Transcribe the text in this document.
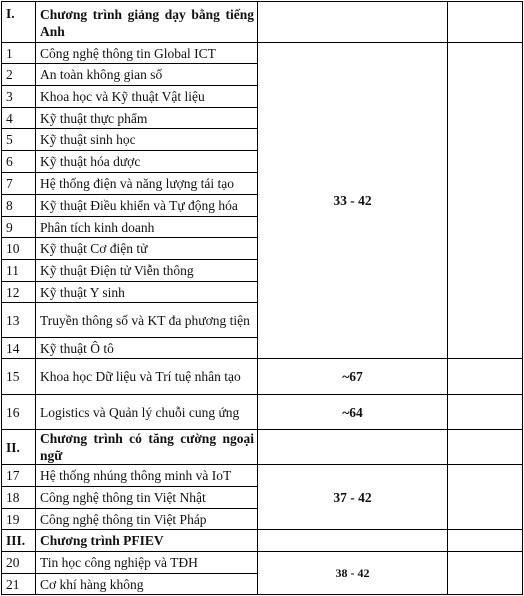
I.	Chương trình giảng dạy bằng tiếng Anh		
1	Công nghệ thông tin Global ICT	33 - 42	
2	An toàn không gian số		
3	Khoa học và Kỹ thuật Vật liệu		
4	Kỹ thuật thực phẩm		
5	Kỹ thuật sinh học		
6	Kỹ thuật hóa dược		
7	Hệ thống điện và năng lượng tái tạo		
8	Kỹ thuật Điều khiển và Tự động hóa		
9	Phân tích kinh doanh		
10	Kỹ thuật Cơ điện tử		
11	Kỹ thuật Điện tử Viễn thông		
12	Kỹ thuật Y sinh		
13	Truyền thông số và KT đa phương tiện		
14	Kỹ thuật Ô tô		
15	Khoa học Dữ liệu và Trí tuệ nhân tạo	~67	
16	Logistics và Quản lý chuỗi cung ứng	~64	
II.	Chương trình có tăng cường ngoại ngữ		
17	Hệ thống nhúng thông minh và IoT	37 - 42	
18	Công nghệ thông tin Việt Nhật		
19	Công nghệ thông tin Việt Pháp		
III.	Chương trình PFIEV		
20	Tin học công nghiệp và TĐH	38 - 42	
21	Cơ khí hàng không		
